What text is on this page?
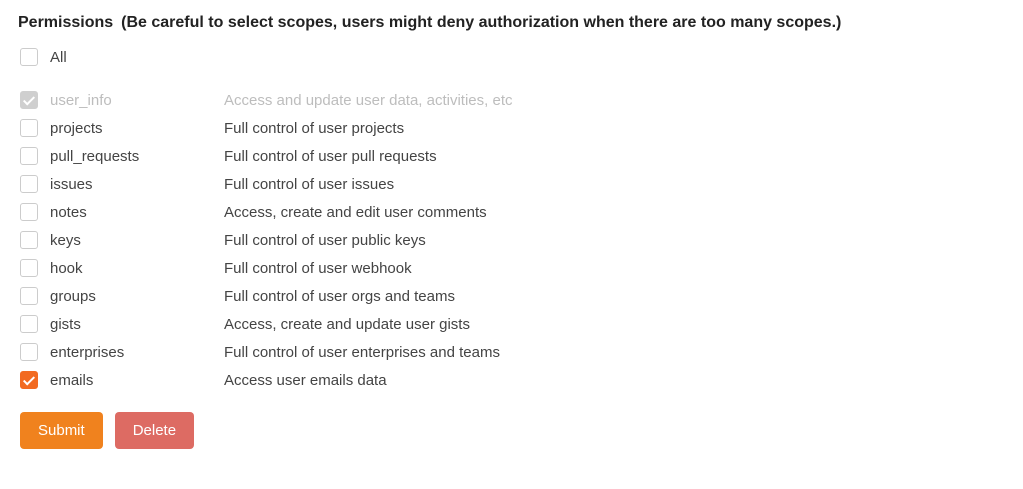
Permissions (Be careful to select scopes, users might deny authorization when there are too many scopes.)
All
user_info	Access and update user data, activities, etc
projects	Full control of user projects
pull_requests	Full control of user pull requests
issues	Full control of user issues
notes	Access, create and edit user comments
keys	Full control of user public keys
hook	Full control of user webhook
groups	Full control of user orgs and teams
gists	Access, create and update user gists
enterprises	Full control of user enterprises and teams
emails	Access user emails data
Submit	Delete
